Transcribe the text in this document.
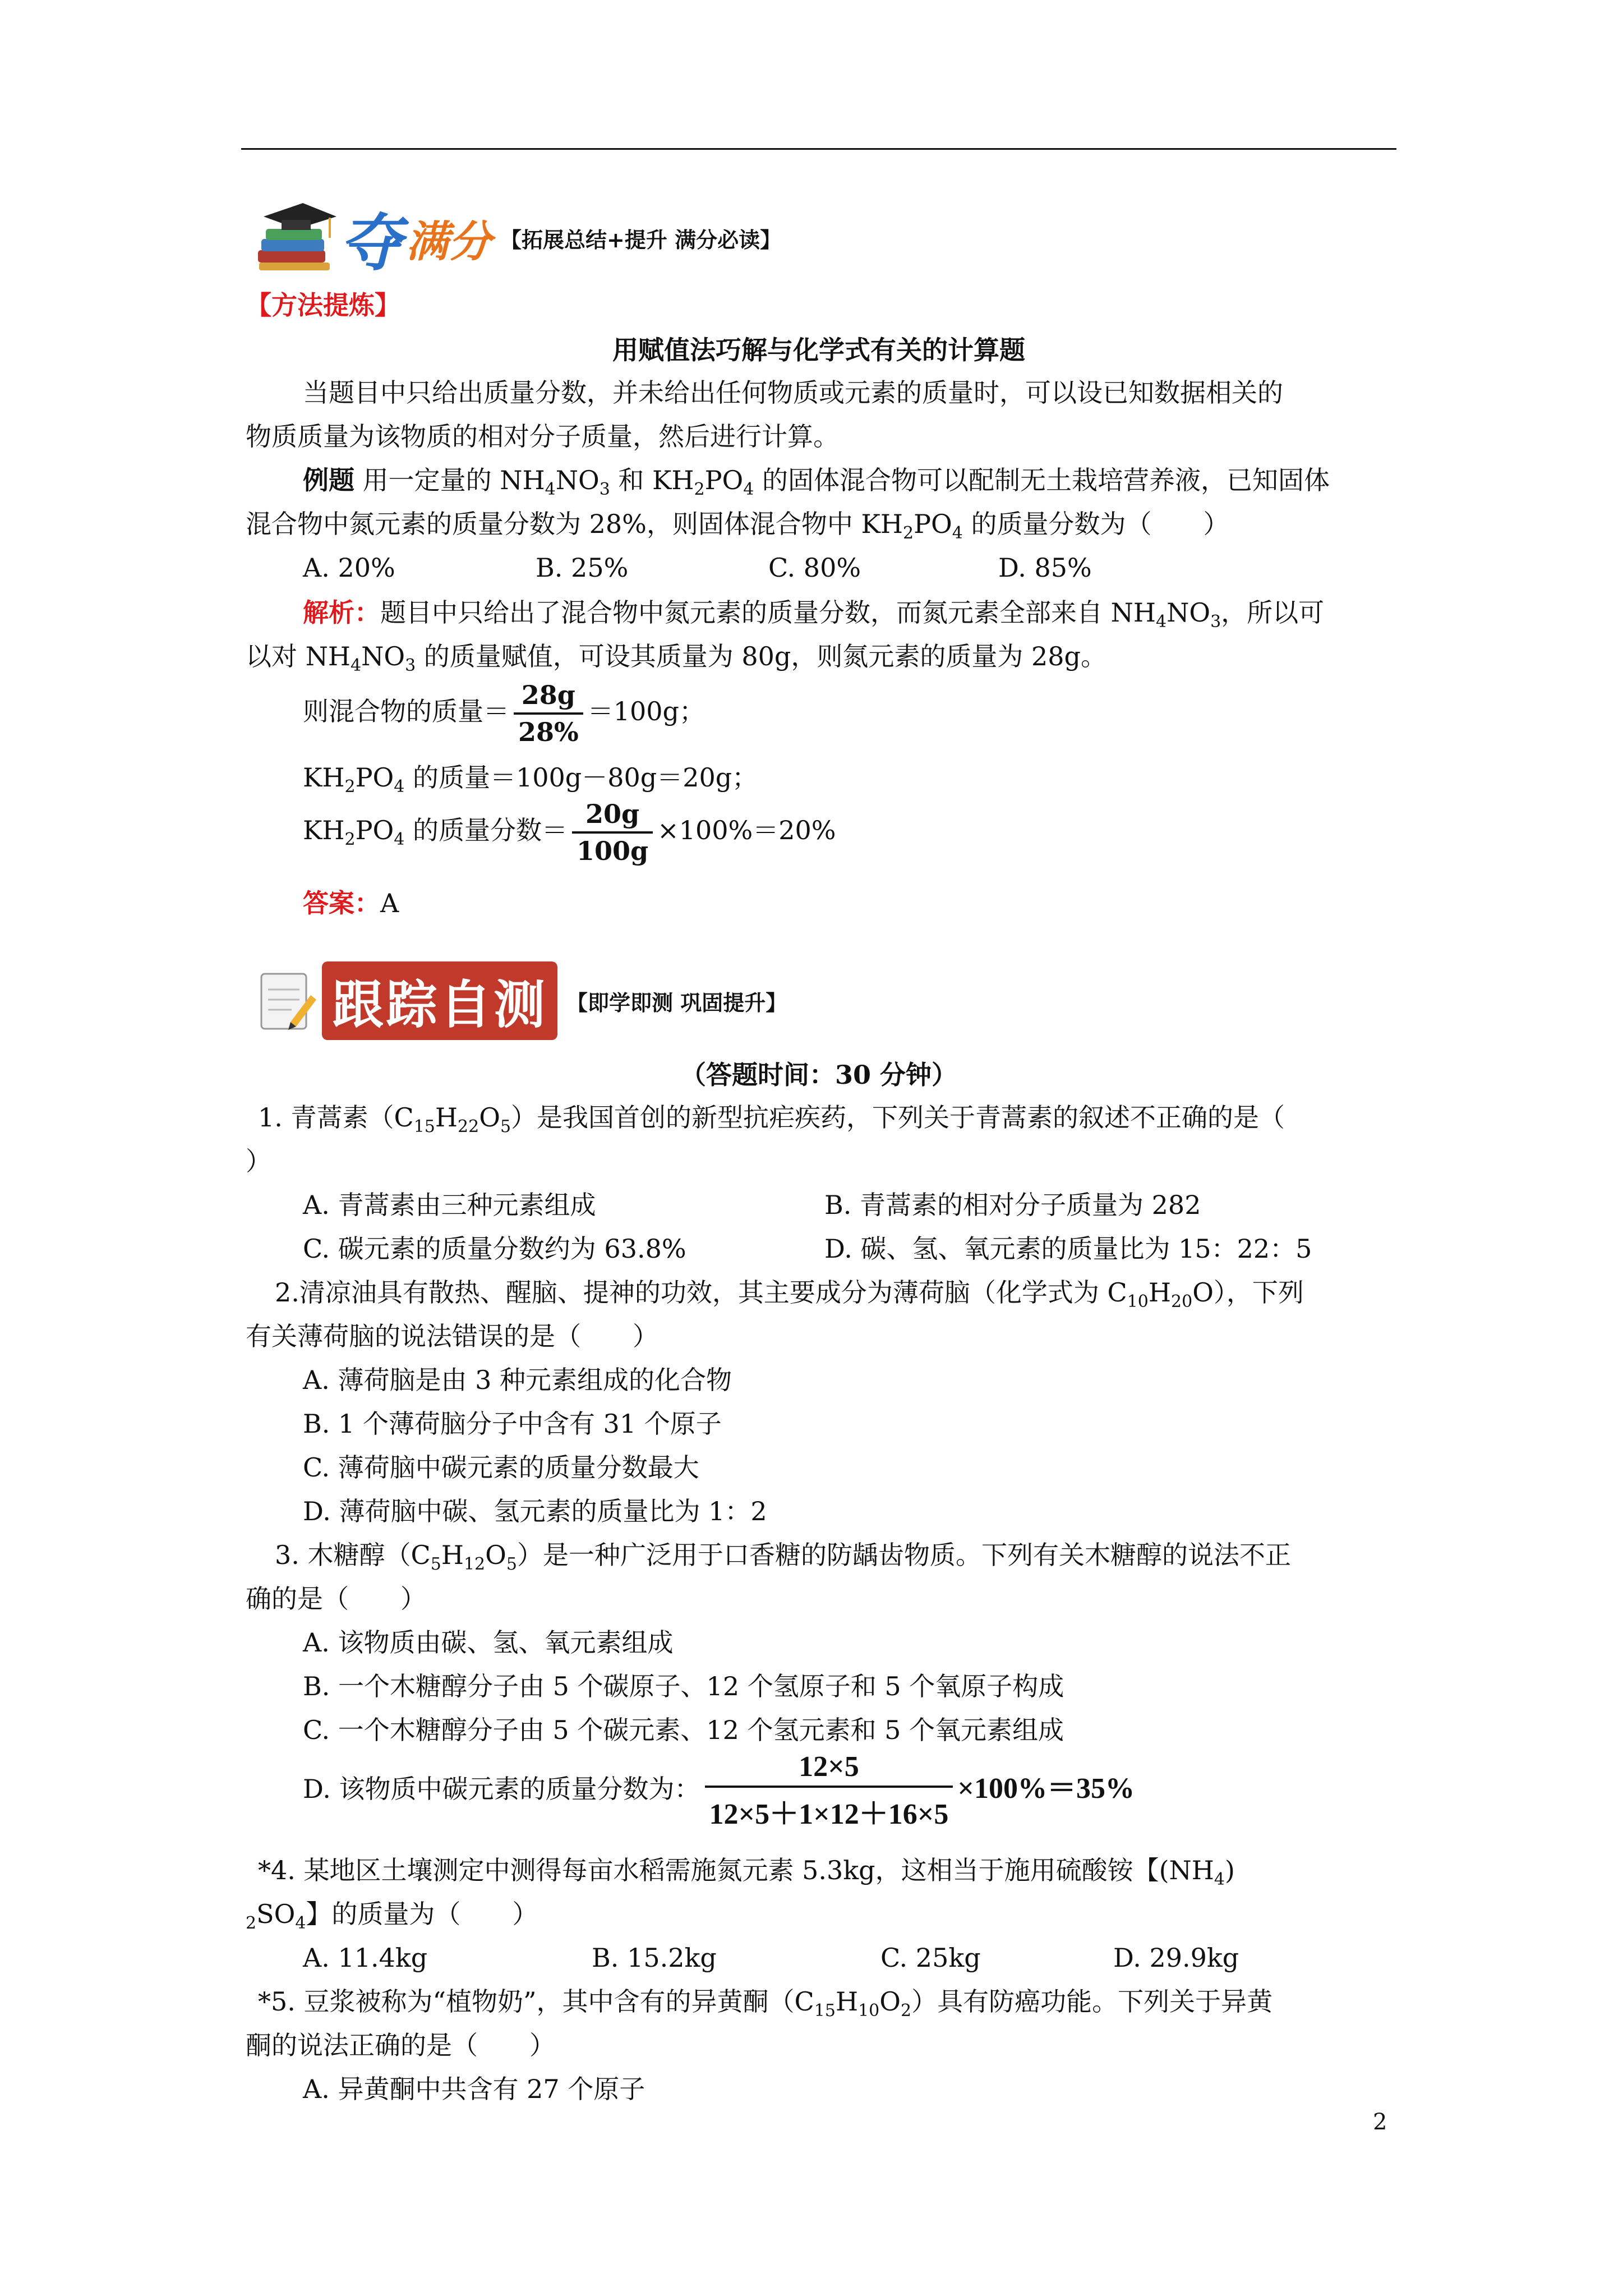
夺 满分 【拓展总结+提升 满分必读】
【方法提炼】
用赋值法巧解与化学式有关的计算题
当题目中只给出质量分数，并未给出任何物质或元素的质量时，可以设已知数据相关的
物质质量为该物质的相对分子质量，然后进行计算。
例题 用一定量的 $NH_4NO_3$ 和 $KH_2PO_4$ 的固体混合物可以配制无土栽培营养液，已知固体
混合物中氮元素的质量分数为 28%，则固体混合物中 $KH_2PO_4$ 的质量分数为（　　）
A. 20%	B. 25%	C. 80%	D. 85%
解析：题目中只给出了混合物中氮元素的质量分数，而氮元素全部来自 $NH_4NO_3$，所以可
以对 $NH_4NO_3$ 的质量赋值，可设其质量为 80g，则氮元素的质量为 28g。
则混合物的质量＝ $\frac{28g}{28\%} =100g$；
$KH_2PO_4$ 的质量＝100g－80g＝20g；
$KH_2PO_4$ 的质量分数＝ $\frac{20g}{100g} \times 100\%=20\%$
答案：A
跟踪自测 【即学即测 巩固提升】
（答题时间：30 分钟）
1. 青蒿素$(C_{15}H_{22}O_5)$是我国首创的新型抗疟疾药，下列关于青蒿素的叙述不正确的是（
）
A. 青蒿素由三种元素组成	B. 青蒿素的相对分子质量为 282
C. 碳元素的质量分数约为 63.8%	D. 碳、氢、氧元素的质量比为 15：22：5
2.清凉油具有散热、醒脑、提神的功效，其主要成分为薄荷脑（化学式为 $C_{10}H_{20}O$），下列
有关薄荷脑的说法错误的是（　　）
A. 薄荷脑是由 3 种元素组成的化合物
B. 1 个薄荷脑分子中含有 31 个原子
C. 薄荷脑中碳元素的质量分数最大
D. 薄荷脑中碳、氢元素的质量比为 1：2
3. 木糖醇$(C_5H_{12}O_5)$是一种广泛用于口香糖的防龋齿物质。下列有关木糖醇的说法不正
确的是（　　）
A. 该物质由碳、氢、氧元素组成
B. 一个木糖醇分子由 5 个碳原子、12 个氢原子和 5 个氧原子构成
C. 一个木糖醇分子由 5 个碳元素、12 个氢元素和 5 个氧元素组成
D. 该物质中碳元素的质量分数为： $\frac{12\times 5}{12\times 5+1\times 12+16\times 5} \times 100\%=35\%$
*4. 某地区土壤测定中测得每亩水稻需施氮元素 5.3kg，这相当于施用硫酸铵【$(NH_4)$
$_2SO_4$】的质量为（　　）
A. 11.4kg	B. 15.2kg	C. 25kg	D. 29.9kg
*5. 豆浆被称为“植物奶”，其中含有的异黄酮$(C_{15}H_{10}O_2)$具有防癌功能。下列关于异黄
酮的说法正确的是（　　）
A. 异黄酮中共含有 27 个原子
2
